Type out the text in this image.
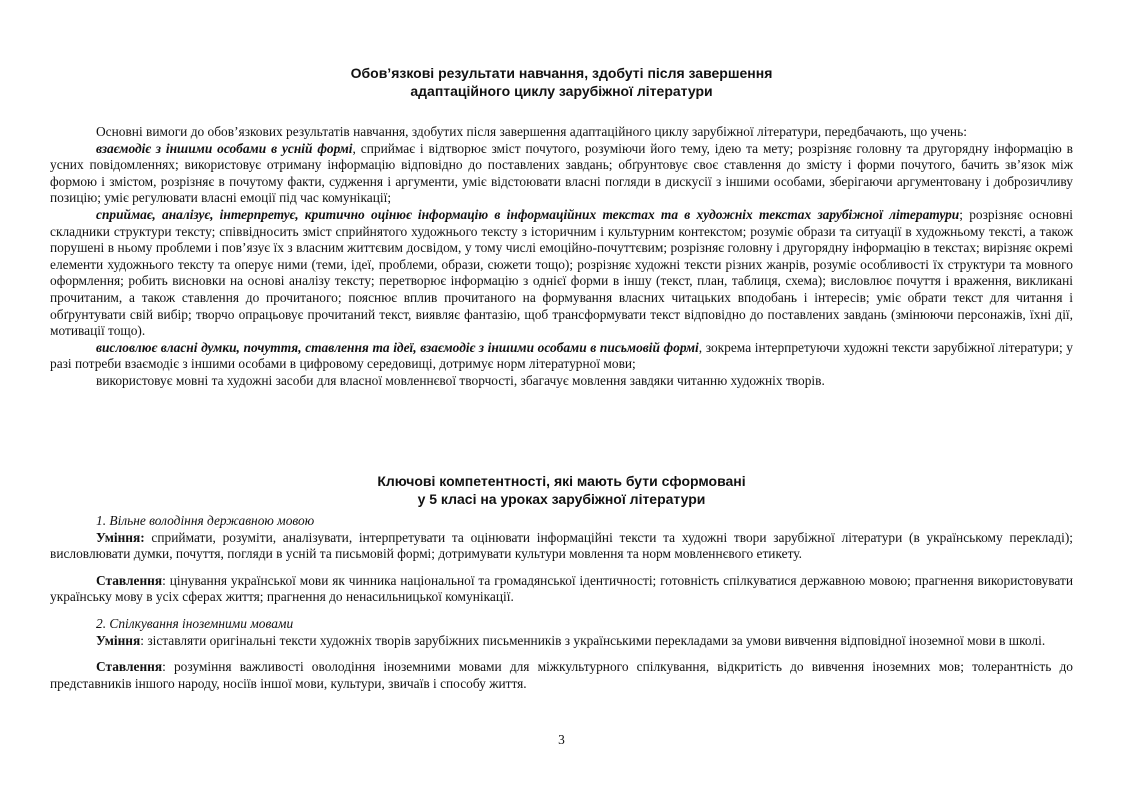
Обов’язкові результати навчання, здобуті після завершення
адаптаційного циклу зарубіжної літератури

Основні вимоги до обов’язкових результатів навчання, здобутих після завершення адаптаційного циклу зарубіжної літератури, передбачають, що учень:

взаємодіє з іншими особами в усній формі, сприймає і відтворює зміст почутого, розуміючи його тему, ідею та мету; розрізняє головну та другорядну інформацію в усних повідомленнях; використовує отриману інформацію відповідно до поставлених завдань; обґрунтовує своє ставлення до змісту і форми почутого, бачить зв’язок між формою і змістом, розрізняє в почутому факти, судження і аргументи, уміє відстоювати власні погляди в дискусії з іншими особами, зберігаючи аргументовану і доброзичливу позицію; уміє регулювати власні емоції під час комунікації;

сприймає, аналізує, інтерпретує, критично оцінює інформацію в інформаційних текстах та в художніх текстах зарубіжної літератури; розрізняє основні складники структури тексту; співвідносить зміст сприйнятого художнього тексту з історичним і культурним контекстом; розуміє образи та ситуації в художньому тексті, а також порушені в ньому проблеми і пов’язує їх з власним життєвим досвідом, у тому числі емоційно-почуттєвим; розрізняє головну і другорядну інформацію в текстах; вирізняє окремі елементи художнього тексту та оперує ними (теми, ідеї, проблеми, образи, сюжети тощо); розрізняє художні тексти різних жанрів, розуміє особливості їх структури та мовного оформлення; робить висновки на основі аналізу тексту; перетворює інформацію з однієї форми в іншу (текст, план, таблиця, схема); висловлює почуття і враження, викликані прочитаним, а також ставлення до прочитаного; пояснює вплив прочитаного на формування власних читацьких вподобань і інтересів; уміє обрати текст для читання і обґрунтувати свій вибір; творчо опрацьовує прочитаний текст, виявляє фантазію, щоб трансформувати текст відповідно до поставлених завдань (змінюючи персонажів, їхні дії, мотивації тощо).

висловлює власні думки, почуття, ставлення та ідеї, взаємодіє з іншими особами в письмовій формі, зокрема інтерпретуючи художні тексти зарубіжної літератури; у разі потреби взаємодіє з іншими особами в цифровому середовищі, дотримує норм літературної мови;

використовує мовні та художні засоби для власної мовленнєвої творчості, збагачує мовлення завдяки читанню художніх творів.

Ключові компетентності, які мають бути сформовані
у 5 класі на уроках зарубіжної літератури

1. Вільне володіння державною мовою

Уміння: сприймати, розуміти, аналізувати, інтерпретувати та оцінювати інформаційні тексти та художні твори зарубіжної літератури (в українському перекладі); висловлювати думки, почуття, погляди в усній та письмовій формі; дотримувати культури мовлення та норм мовленнєвого етикету.

Ставлення: цінування української мови як чинника національної та громадянської ідентичності; готовність спілкуватися державною мовою; прагнення використовувати українську мову в усіх сферах життя; прагнення до ненасильницької комунікації.

2. Спілкування іноземними мовами

Уміння: зіставляти оригінальні тексти художніх творів зарубіжних письменників з українськими перекладами за умови вивчення відповідної іноземної мови в школі.

Ставлення: розуміння важливості оволодіння іноземними мовами для міжкультурного спілкування, відкритість до вивчення іноземних мов; толерантність до представників іншого народу, носіїв іншої мови, культури, звичаїв і способу життя.

3
